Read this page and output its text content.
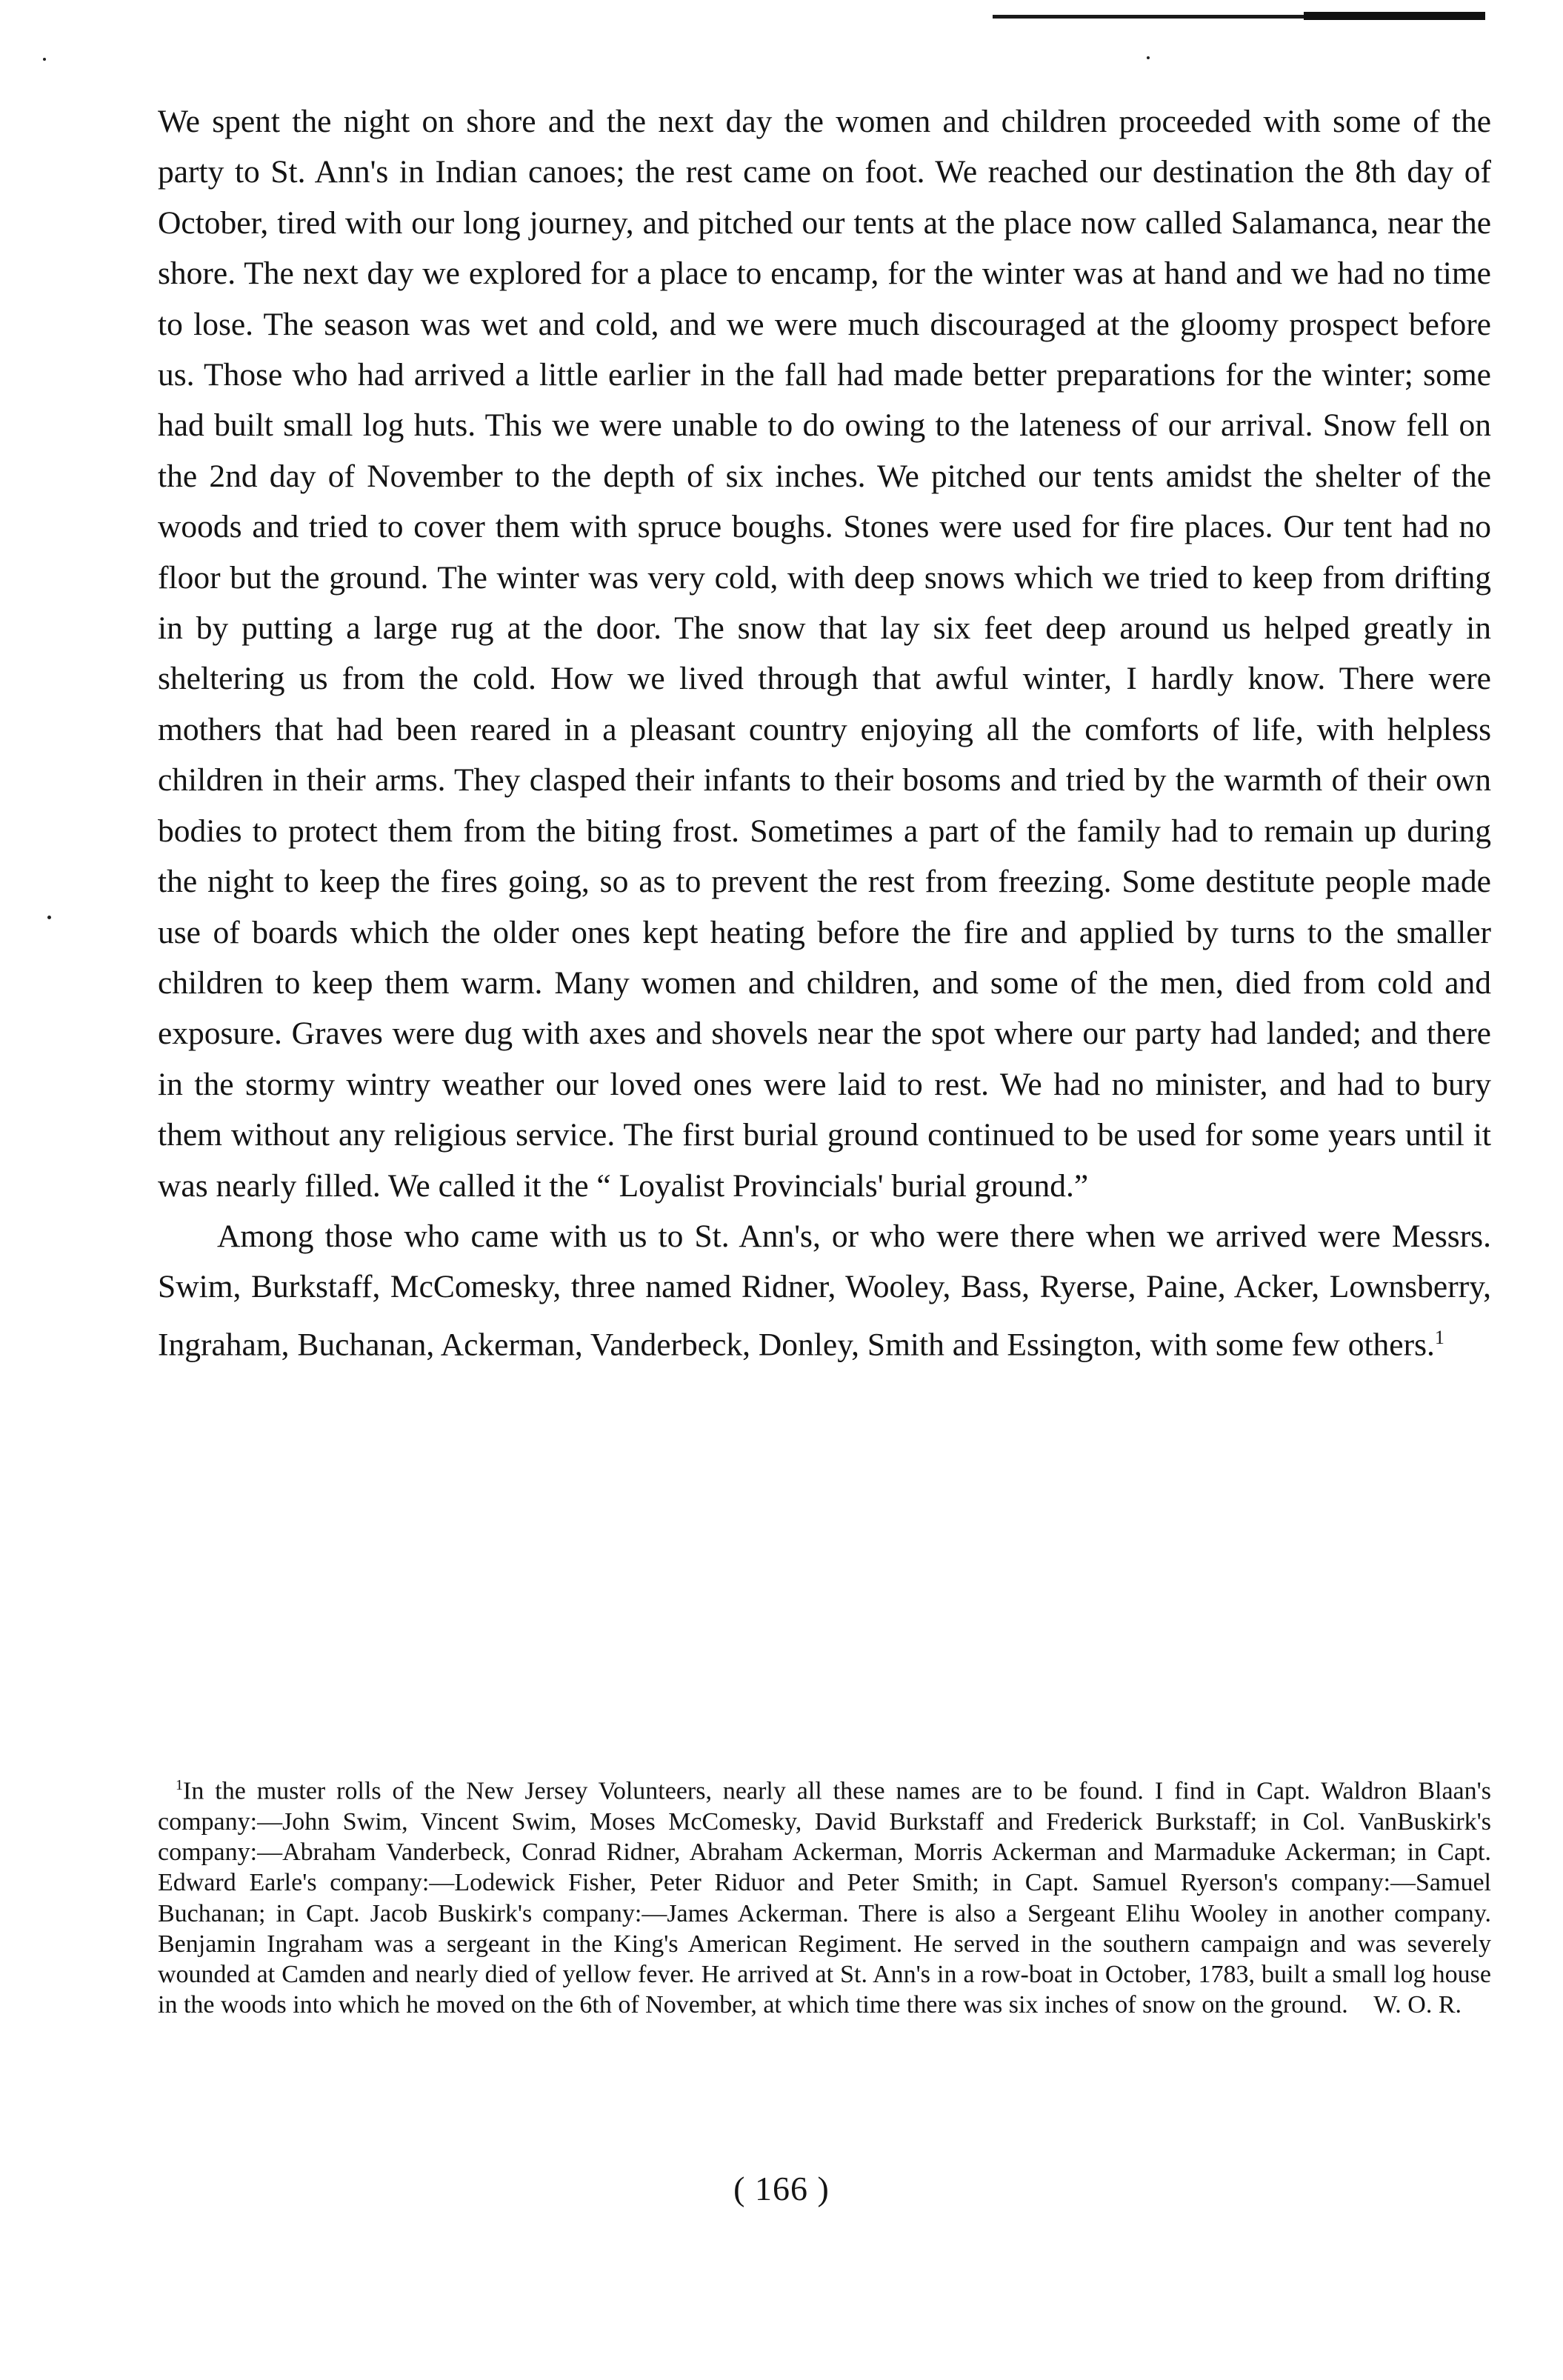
We spent the night on shore and the next day the women and children proceeded with some of the party to St. Ann's in Indian canoes; the rest came on foot. We reached our destination the 8th day of October, tired with our long journey, and pitched our tents at the place now called Salamanca, near the shore. The next day we explored for a place to encamp, for the winter was at hand and we had no time to lose. The season was wet and cold, and we were much discouraged at the gloomy prospect before us. Those who had arrived a little earlier in the fall had made better preparations for the winter; some had built small log huts. This we were unable to do owing to the lateness of our arrival. Snow fell on the 2nd day of November to the depth of six inches. We pitched our tents amidst the shelter of the woods and tried to cover them with spruce boughs. Stones were used for fire places. Our tent had no floor but the ground. The winter was very cold, with deep snows which we tried to keep from drifting in by putting a large rug at the door. The snow that lay six feet deep around us helped greatly in sheltering us from the cold. How we lived through that awful winter, I hardly know. There were mothers that had been reared in a pleasant country enjoying all the comforts of life, with helpless children in their arms. They clasped their infants to their bosoms and tried by the warmth of their own bodies to protect them from the biting frost. Sometimes a part of the family had to remain up during the night to keep the fires going, so as to prevent the rest from freezing. Some destitute people made use of boards which the older ones kept heating before the fire and applied by turns to the smaller children to keep them warm. Many women and children, and some of the men, died from cold and exposure. Graves were dug with axes and shovels near the spot where our party had landed; and there in the stormy wintry weather our loved ones were laid to rest. We had no minister, and had to bury them without any religious service. The first burial ground continued to be used for some years until it was nearly filled. We called it the “ Loyalist Provincials' burial ground.”

Among those who came with us to St. Ann's, or who were there when we arrived were Messrs. Swim, Burkstaff, McComesky, three named Ridner, Wooley, Bass, Ryerse, Paine, Acker, Lownsberry, Ingraham, Buchanan, Ackerman, Vanderbeck, Donley, Smith and Essington, with some few others.$^1$

$^1$In the muster rolls of the New Jersey Volunteers, nearly all these names are to be found. I find in Capt. Waldron Blaan's company:—John Swim, Vincent Swim, Moses McComesky, David Burkstaff and Frederick Burkstaff; in Col. VanBuskirk's company:—Abraham Vanderbeck, Conrad Ridner, Abraham Ackerman, Morris Ackerman and Marmaduke Ackerman; in Capt. Edward Earle's company:—Lodewick Fisher, Peter Riduor and Peter Smith; in Capt. Samuel Ryerson's company:—Samuel Buchanan; in Capt. Jacob Buskirk's company:—James Ackerman. There is also a Sergeant Elihu Wooley in another company. Benjamin Ingraham was a sergeant in the King's American Regiment. He served in the southern campaign and was severely wounded at Camden and nearly died of yellow fever. He arrived at St. Ann's in a row-boat in October, 1783, built a small log house in the woods into which he moved on the 6th of November, at which time there was six inches of snow on the ground.	W. O. R.

( 166 )
